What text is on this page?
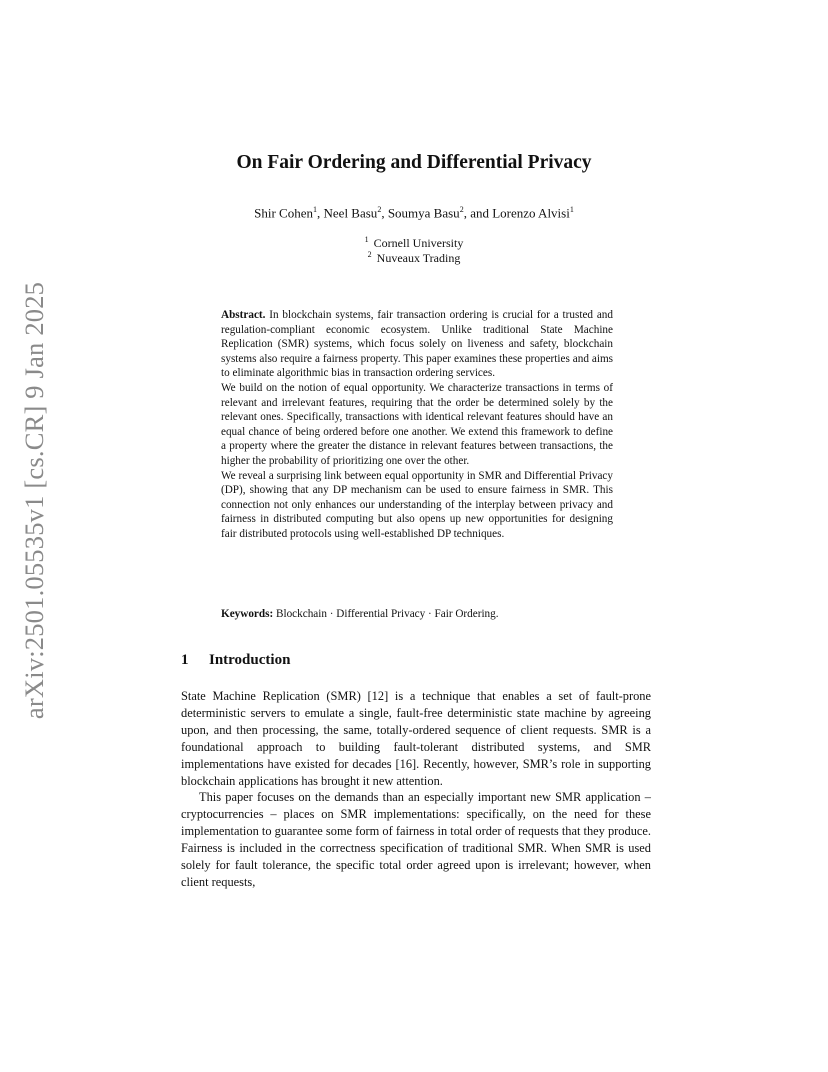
arXiv:2501.05535v1 [cs.CR] 9 Jan 2025
On Fair Ordering and Differential Privacy
Shir Cohen$^1$, Neel Basu$^2$, Soumya Basu$^2$, and Lorenzo Alvisi$^1$
$^1$ Cornell University
$^2$ Nuveaux Trading

Abstract. In blockchain systems, fair transaction ordering is crucial for a trusted and regulation-compliant economic ecosystem. Unlike traditional State Machine Replication (SMR) systems, which focus solely on liveness and safety, blockchain systems also require a fairness property. This paper examines these properties and aims to eliminate algorithmic bias in transaction ordering services.

We build on the notion of equal opportunity. We characterize transactions in terms of relevant and irrelevant features, requiring that the order be determined solely by the relevant ones. Specifically, transactions with identical relevant features should have an equal chance of being ordered before one another. We extend this framework to define a property where the greater the distance in relevant features between transactions, the higher the probability of prioritizing one over the other.

We reveal a surprising link between equal opportunity in SMR and Differential Privacy (DP), showing that any DP mechanism can be used to ensure fairness in SMR. This connection not only enhances our understanding of the interplay between privacy and fairness in distributed computing but also opens up new opportunities for designing fair distributed protocols using well-established DP techniques.

Keywords: Blockchain · Differential Privacy · Fair Ordering.
1 Introduction

State Machine Replication (SMR) [12] is a technique that enables a set of fault-prone deterministic servers to emulate a single, fault-free deterministic state machine by agreeing upon, and then processing, the same, totally-ordered sequence of client requests. SMR is a foundational approach to building fault-tolerant distributed systems, and SMR implementations have existed for decades [16]. Recently, however, SMR’s role in supporting blockchain applications has brought it new attention.

This paper focuses on the demands than an especially important new SMR application – cryptocurrencies – places on SMR implementations: specifically, on the need for these implementation to guarantee some form of fairness in total order of requests that they produce. Fairness is included in the correctness specification of traditional SMR. When SMR is used solely for fault tolerance, the specific total order agreed upon is irrelevant; however, when client requests,
